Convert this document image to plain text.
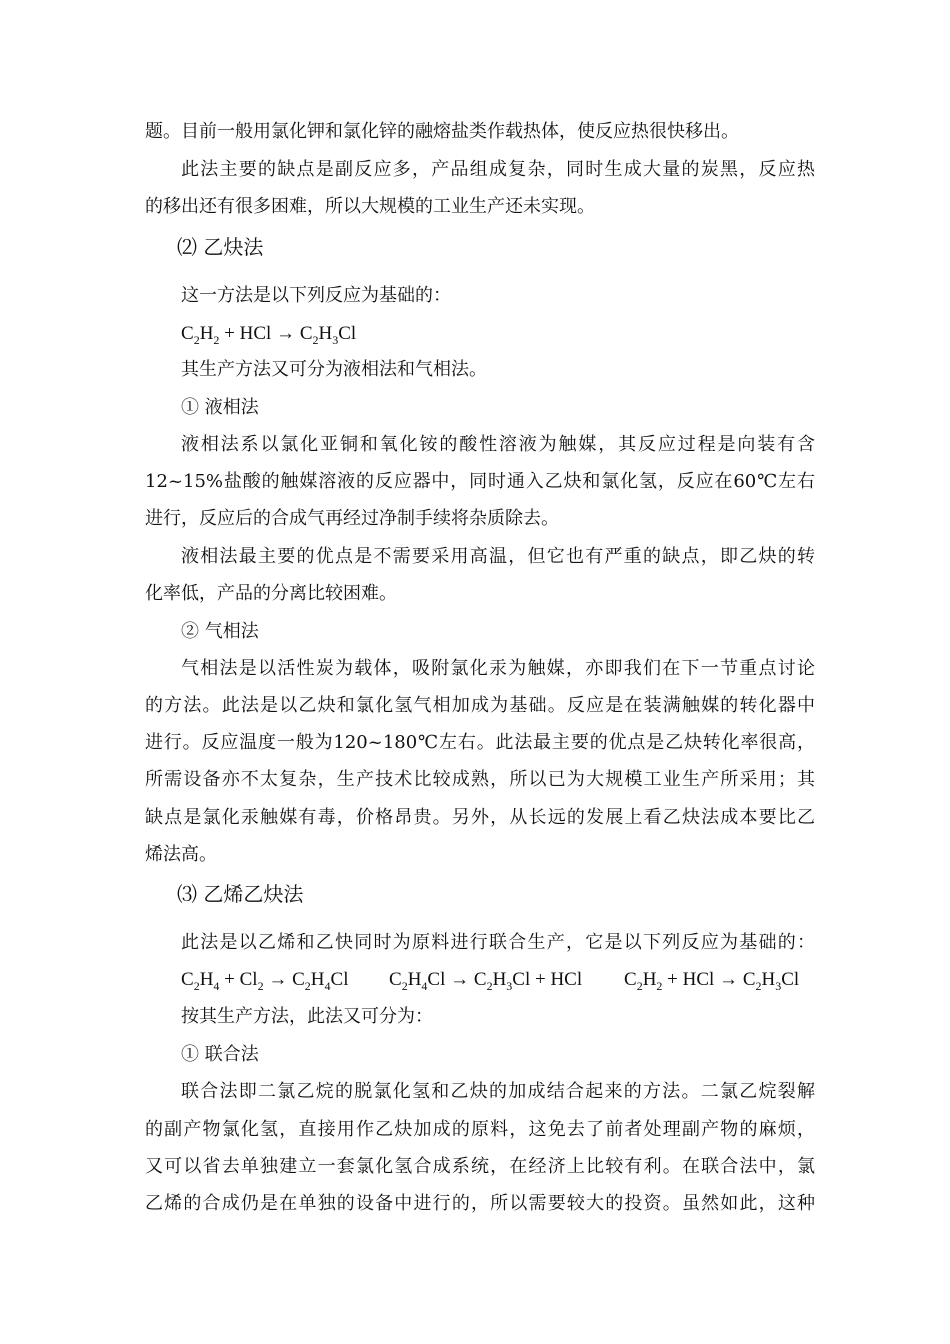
题。目前一般用氯化钾和氯化锌的融熔盐类作载热体，使反应热很快移出。
此法主要的缺点是副反应多，产品组成复杂，同时生成大量的炭黑，反应热
的移出还有很多困难，所以大规模的工业生产还未实现。
⑵ 乙炔法
这一方法是以下列反应为基础的：
$C_2H_2$ + HCl → $C_2H_3Cl$
其生产方法又可分为液相法和气相法。
① 液相法
液相法系以氯化亚铜和氧化铵的酸性溶液为触媒，其反应过程是向装有含
12~15%盐酸的触媒溶液的反应器中，同时通入乙炔和氯化氢，反应在60℃左右
进行，反应后的合成气再经过净制手续将杂质除去。
液相法最主要的优点是不需要采用高温，但它也有严重的缺点，即乙炔的转
化率低，产品的分离比较困难。
② 气相法
气相法是以活性炭为载体，吸附氯化汞为触媒，亦即我们在下一节重点讨论
的方法。此法是以乙炔和氯化氢气相加成为基础。反应是在装满触媒的转化器中
进行。反应温度一般为120~180℃左右。此法最主要的优点是乙炔转化率很高，
所需设备亦不太复杂，生产技术比较成熟，所以已为大规模工业生产所采用；其
缺点是氯化汞触媒有毒，价格昂贵。另外，从长远的发展上看乙炔法成本要比乙
烯法高。
⑶ 乙烯乙炔法
此法是以乙烯和乙快同时为原料进行联合生产，它是以下列反应为基础的：
$C_2H_4 + Cl_2 \to C_2H_4Cl$ $C_2H_4Cl \to C_2H_3Cl$ + HCl $C_2H_2$ + HCl → $C_2H_3Cl$
按其生产方法，此法又可分为：
① 联合法
联合法即二氯乙烷的脱氯化氢和乙炔的加成结合起来的方法。二氯乙烷裂解
的副产物氯化氢，直接用作乙炔加成的原料，这免去了前者处理副产物的麻烦，
又可以省去单独建立一套氯化氢合成系统，在经济上比较有利。在联合法中，氯
乙烯的合成仍是在单独的设备中进行的，所以需要较大的投资。虽然如此，这种
